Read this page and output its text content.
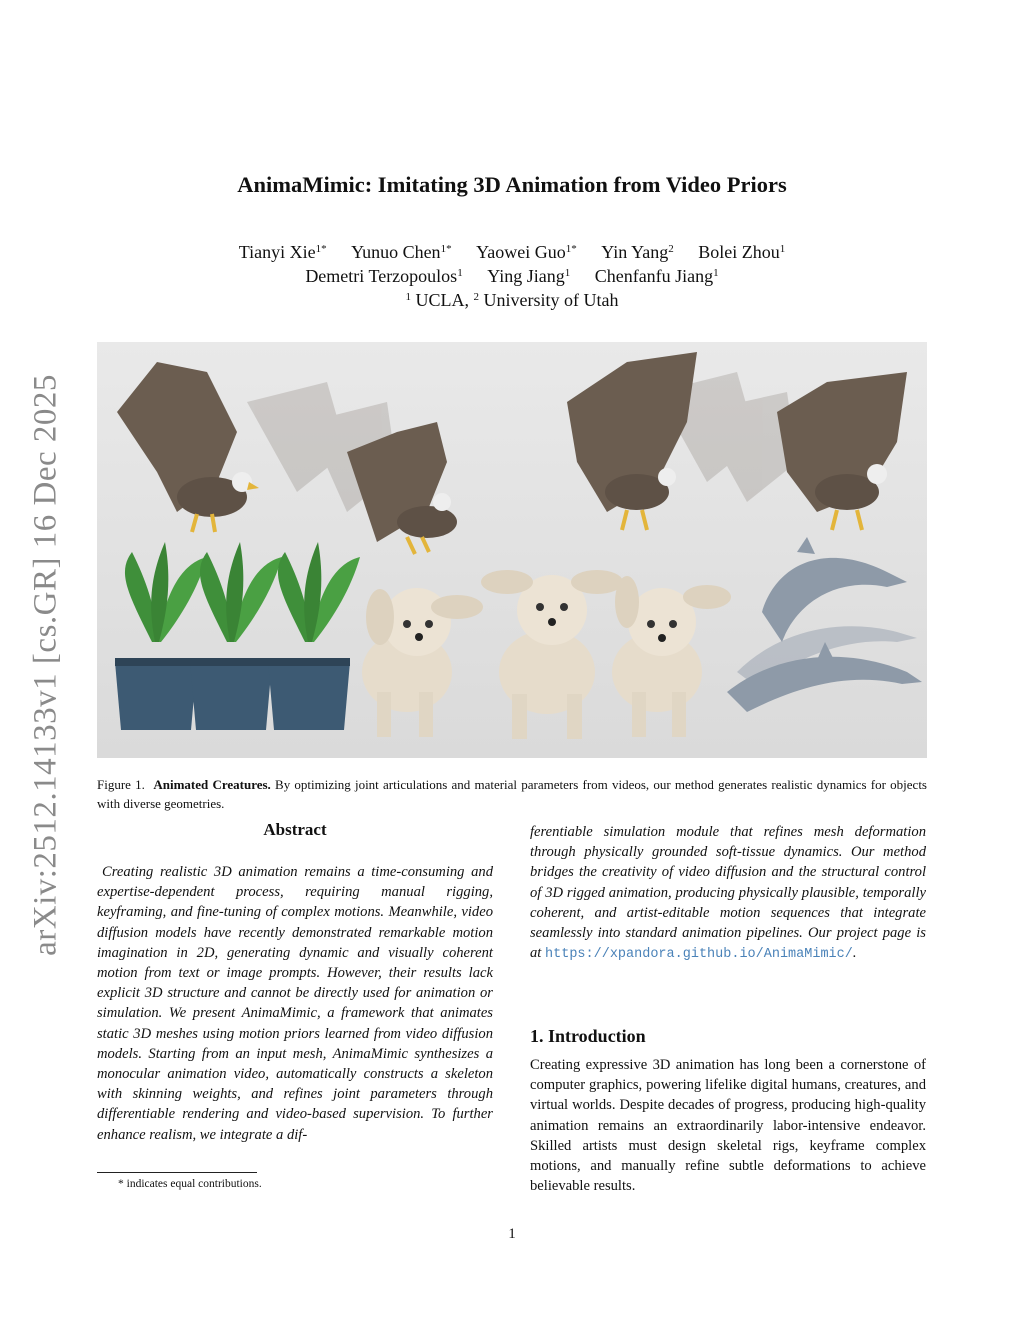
arXiv:2512.14133v1 [cs.GR] 16 Dec 2025
AnimaMimic: Imitating 3D Animation from Video Priors
Tianyi Xie$^{1*}$ Yunuo Chen$^{1*}$ Yaowei Guo$^{1*}$ Yin Yang$^2$ Bolei Zhou$^1$
Demetri Terzopoulos$^1$ Ying Jiang$^1$ Chenfanfu Jiang$^1$
$^1$ UCLA, $^2$ University of Utah
Figure 1. Animated Creatures. By optimizing joint articulations and material parameters from videos, our method generates realistic dynamics for objects with diverse geometries.
Abstract
Creating realistic 3D animation remains a time-consuming and expertise-dependent process, requiring manual rigging, keyframing, and fine-tuning of complex motions. Meanwhile, video diffusion models have recently demonstrated remarkable motion imagination in 2D, generating dynamic and visually coherent motion from text or image prompts. However, their results lack explicit 3D structure and cannot be directly used for animation or simulation. We present AnimaMimic, a framework that animates static 3D meshes using motion priors learned from video diffusion models. Starting from an input mesh, AnimaMimic synthesizes a monocular animation video, automatically constructs a skeleton with skinning weights, and refines joint parameters through differentiable rendering and video-based supervision. To further enhance realism, we integrate a dif-
ferentiable simulation module that refines mesh deformation through physically grounded soft-tissue dynamics. Our method bridges the creativity of video diffusion and the structural control of 3D rigged animation, producing physically plausible, temporally coherent, and artist-editable motion sequences that integrate seamlessly into standard animation pipelines. Our project page is at https://xpandora.github.io/AnimaMimic/.
1. Introduction
Creating expressive 3D animation has long been a cornerstone of computer graphics, powering lifelike digital humans, creatures, and virtual worlds. Despite decades of progress, producing high-quality animation remains an extraordinarily labor-intensive endeavor. Skilled artists must design skeletal rigs, keyframe complex motions, and manually refine subtle deformations to achieve believable results.
* indicates equal contributions.
1
